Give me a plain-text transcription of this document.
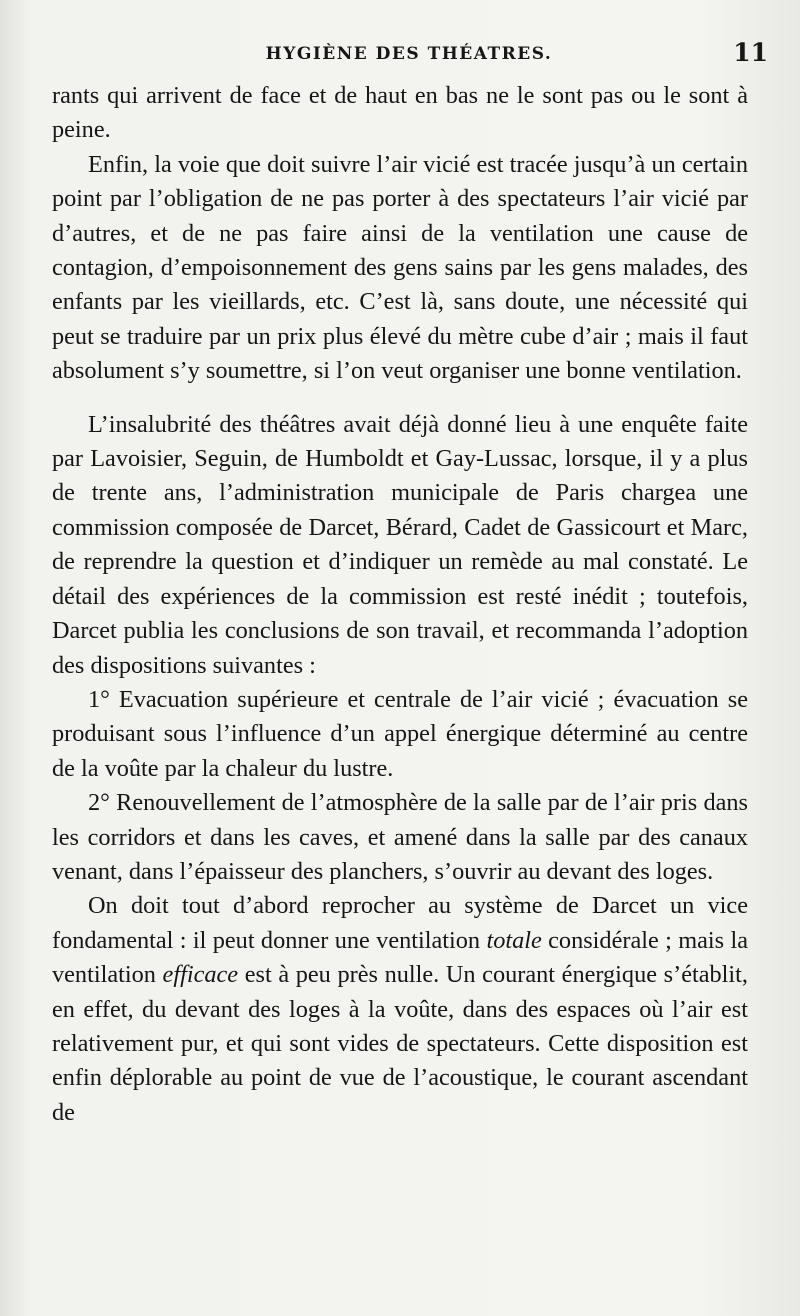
HYGIÈNE DES THÉATRES.	11

rants qui arrivent de face et de haut en bas ne le sont pas ou le sont à peine.

Enfin, la voie que doit suivre l’air vicié est tracée jusqu’à un certain point par l’obligation de ne pas porter à des spectateurs l’air vicié par d’autres, et de ne pas faire ainsi de la ventilation une cause de contagion, d’empoisonnement des gens sains par les gens malades, des enfants par les vieillards, etc. C’est là, sans doute, une nécessité qui peut se traduire par un prix plus élevé du mètre cube d’air ; mais il faut absolument s’y soumettre, si l’on veut organiser une bonne ventilation.

L’insalubrité des théâtres avait déjà donné lieu à une enquête faite par Lavoisier, Seguin, de Humboldt et Gay-Lussac, lorsque, il y a plus de trente ans, l’administration municipale de Paris chargea une commission composée de Darcet, Bérard, Cadet de Gassicourt et Marc, de reprendre la question et d’indiquer un remède au mal constaté. Le détail des expériences de la commission est resté inédit ; toutefois, Darcet publia les conclusions de son travail, et recommanda l’adoption des dispositions suivantes :

1° Evacuation supérieure et centrale de l’air vicié ; évacuation se produisant sous l’influence d’un appel énergique déterminé au centre de la voûte par la chaleur du lustre.

2° Renouvellement de l’atmosphère de la salle par de l’air pris dans les corridors et dans les caves, et amené dans la salle par des canaux venant, dans l’épaisseur des planchers, s’ouvrir au devant des loges.

On doit tout d’abord reprocher au système de Darcet un vice fondamental : il peut donner une ventilation totale considérale ; mais la ventilation efficace est à peu près nulle. Un courant énergique s’établit, en effet, du devant des loges à la voûte, dans des espaces où l’air est relativement pur, et qui sont vides de spectateurs. Cette disposition est enfin déplorable au point de vue de l’acoustique, le courant ascendant de
